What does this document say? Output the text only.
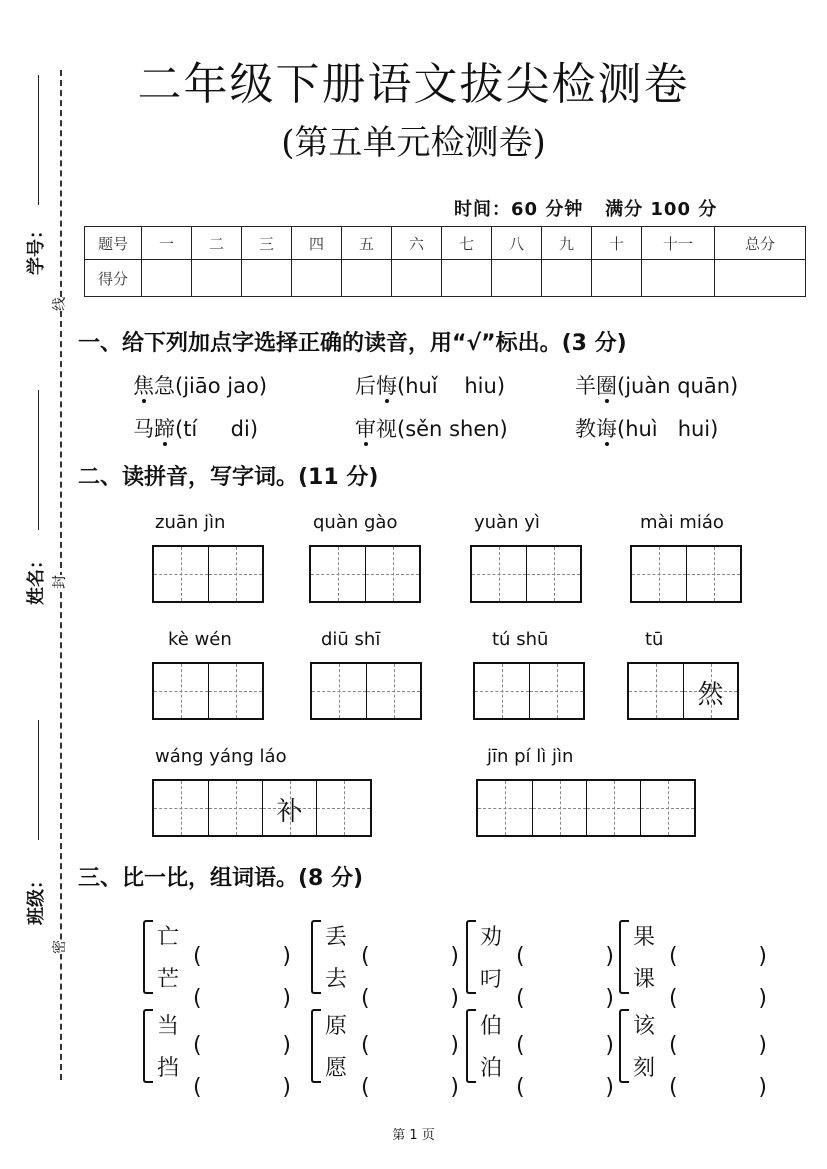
学号：
线
姓名： 封
班级：
密
二年级下册语文拔尖检测卷
(第五单元检测卷)
时间：60 分钟 满分 100 分
题号	一	二	三	四	五	六	七	八	九	十	十一	总分
得分												
一、给下列加点字选择正确的读音，用“√”标出。(3 分)
焦急(jiāo jao)	后悔(huǐ hiu)	羊圈(juàn quān)
马蹄(tí di)	审视(sěn shen)	教诲(huì hui)
二、读拼音，写字词。(11 分)
zuān jìn	quàn gào	yuàn yì	mài miáo
kè wén	diū shī	tú shū	tū
然
wáng yáng láo
补
jīn pí lì jìn
三、比一比，组词语。(8 分)
亡
(	)
芒
(	)
丢
(	)
去
(	)
劝
(	)
叼
(	)
果
(	)
课
(	)
当
(	)
挡
(	)
原
(	)
愿
(	)
伯
(	)
泊
(	)
该
(	)
刻
(	)
第 1 页
